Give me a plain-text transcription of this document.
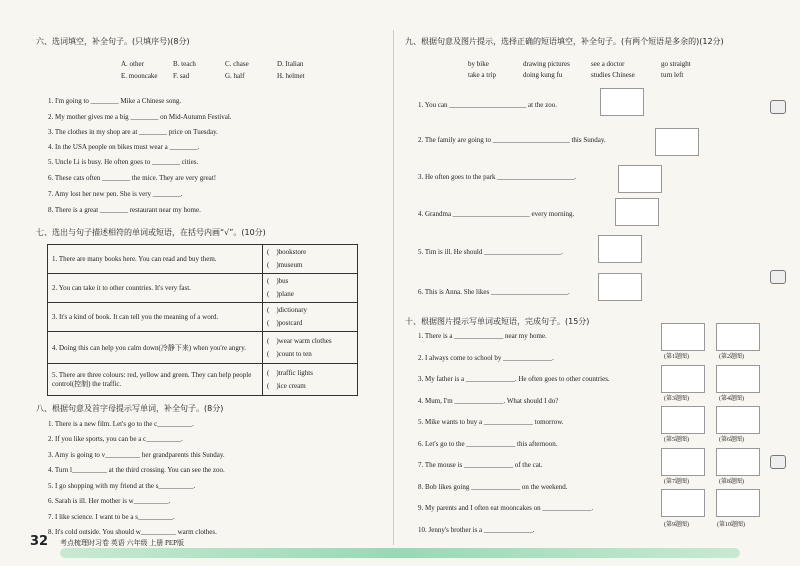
六、选词填空，补全句子。(只填序号)(8分)
A. other	B. teach	C. chase	D. Italian
E. mooncake	F. sad	G. half	H. helmet
1. I'm going to ________ Mike a Chinese song.
2. My mother gives me a big ________ on Mid-Autumn Festival.
3. The clothes in my shop are at ________ price on Tuesday.
4. In the USA people on bikes must wear a ________.
5. Uncle Li is busy. He often goes to ________ cities.
6. These cats often ________ the mice. They are very great!
7. Amy lost her new pen. She is very ________.
8. There is a great ________ restaurant near my home.
七、选出与句子描述相符的单词或短语，在括号内画“√”。(10分)
1. There are many books here. You can read and buy them.	(    )bookstore
(    )museum

2. You can take it to other countries. It's very fast.	(    )bus
(    )plane

3. It's a kind of book. It can tell you the meaning of a word.	(    )dictionary
(    )postcard

4. Doing this can help you calm down(冷静下来) when you're angry.	(    )wear warm clothes
(    )count to ten

5. There are three colours: red, yellow and green. They can help people control(控制) the traffic.	(    )traffic lights
(    )ice cream
八、根据句意及首字母提示写单词，补全句子。(8分)
1. There is a new film. Let's go to the c__________.
2. If you like sports, you can be a c__________.
3. Amy is going to v__________ her grandparents this Sunday.
4. Turn l__________ at the third crossing. You can see the zoo.
5. I go shopping with my friend at the s__________.
6. Sarah is ill. Her mother is w__________.
7. I like science. I want to be a s__________.
8. It's cold outside. You should w__________ warm clothes.
32 考点梳理时习卷 英语 六年级 上册 PEP版
九、根据句意及图片提示，选择正确的短语填空，补全句子。(有两个短语是多余的)(12分)
by bike	drawing pictures	see a doctor	go straight
take a trip	doing kung fu	studies Chinese	turn left
1. You can ______________________ at the zoo.
2. The family are going to ______________________ this Sunday.
3. He often goes to the park ______________________.
4. Grandma ______________________ every morning.
5. Tim is ill. He should ______________________.
6. This is Anna. She likes ______________________.
十、根据图片提示写单词或短语，完成句子。(15分)
1. There is a ______________ near my home.
2. I always come to school by ______________.
3. My father is a ______________. He often goes to other countries.
4. Mum, I'm ______________. What should I do?
5. Mike wants to buy a ______________ tomorrow.
6. Let's go to the ______________ this afternoon.
7. The mouse is ______________ of the cat.
8. Bob likes going ______________ on the weekend.
9. My parents and I often eat mooncakes on ______________.
10. Jenny's brother is a ______________.
(第1题图)	(第2题图)
(第3题图)	(第4题图)
(第5题图)	(第6题图)
(第7题图)	(第8题图)
(第9题图)	(第10题图)
